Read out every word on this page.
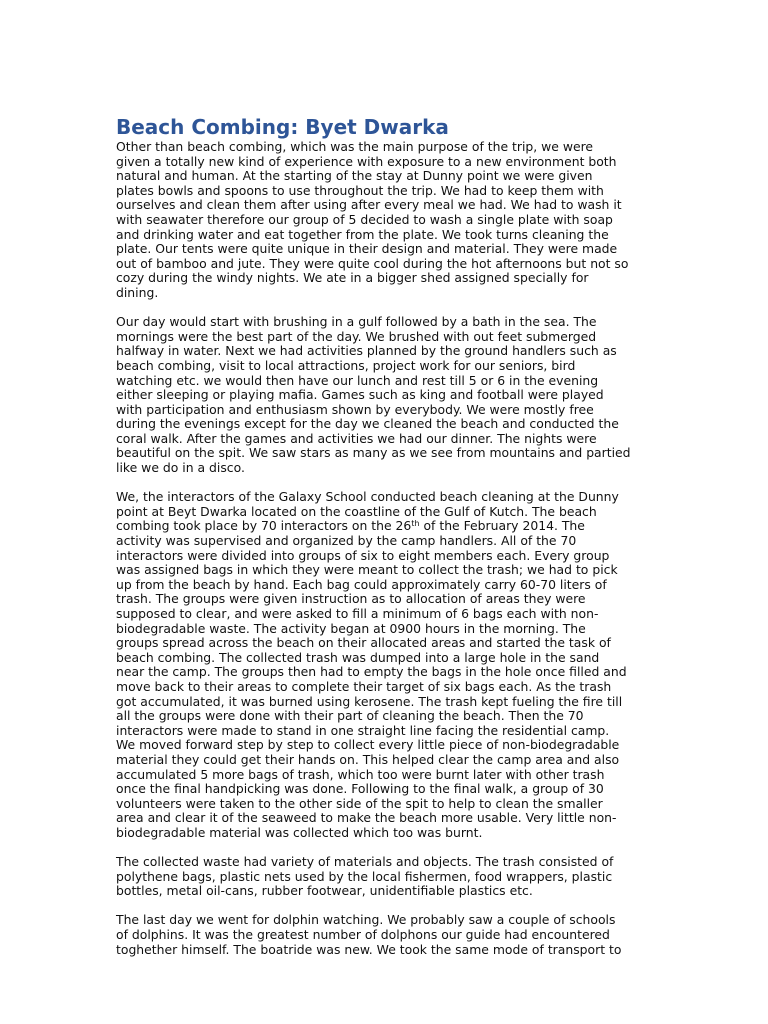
Beach Combing: Byet Dwarka

Other than beach combing, which was the main purpose of the trip, we were
given a totally new kind of experience with exposure to a new environment both
natural and human. At the starting of the stay at Dunny point we were given
plates bowls and spoons to use throughout the trip. We had to keep them with
ourselves and clean them after using after every meal we had. We had to wash it
with seawater therefore our group of 5 decided to wash a single plate with soap
and drinking water and eat together from the plate. We took turns cleaning the
plate. Our tents were quite unique in their design and material. They were made
out of bamboo and jute. They were quite cool during the hot afternoons but not so
cozy during the windy nights. We ate in a bigger shed assigned specially for
dining.

Our day would start with brushing in a gulf followed by a bath in the sea. The
mornings were the best part of the day. We brushed with out feet submerged
halfway in water. Next we had activities planned by the ground handlers such as
beach combing, visit to local attractions, project work for our seniors, bird
watching etc. we would then have our lunch and rest till 5 or 6 in the evening
either sleeping or playing mafia. Games such as king and football were played
with participation and enthusiasm shown by everybody. We were mostly free
during the evenings except for the day we cleaned the beach and conducted the
coral walk. After the games and activities we had our dinner. The nights were
beautiful on the spit. We saw stars as many as we see from mountains and partied
like we do in a disco.

We, the interactors of the Galaxy School conducted beach cleaning at the Dunny
point at Beyt Dwarka located on the coastline of the Gulf of Kutch. The beach
combing took place by 70 interactors on the 26th of the February 2014. The
activity was supervised and organized by the camp handlers. All of the 70
interactors were divided into groups of six to eight members each. Every group
was assigned bags in which they were meant to collect the trash; we had to pick
up from the beach by hand. Each bag could approximately carry 60-70 liters of
trash. The groups were given instruction as to allocation of areas they were
supposed to clear, and were asked to fill a minimum of 6 bags each with non-
biodegradable waste. The activity began at 0900 hours in the morning. The
groups spread across the beach on their allocated areas and started the task of
beach combing. The collected trash was dumped into a large hole in the sand
near the camp. The groups then had to empty the bags in the hole once filled and
move back to their areas to complete their target of six bags each. As the trash
got accumulated, it was burned using kerosene. The trash kept fueling the fire till
all the groups were done with their part of cleaning the beach. Then the 70
interactors were made to stand in one straight line facing the residential camp.
We moved forward step by step to collect every little piece of non-biodegradable
material they could get their hands on. This helped clear the camp area and also
accumulated 5 more bags of trash, which too were burnt later with other trash
once the final handpicking was done. Following to the final walk, a group of 30
volunteers were taken to the other side of the spit to help to clean the smaller
area and clear it of the seaweed to make the beach more usable. Very little non-
biodegradable material was collected which too was burnt.

The collected waste had variety of materials and objects. The trash consisted of
polythene bags, plastic nets used by the local fishermen, food wrappers, plastic
bottles, metal oil-cans, rubber footwear, unidentifiable plastics etc.

The last day we went for dolphin watching. We probably saw a couple of schools
of dolphins. It was the greatest number of dolphons our guide had encountered
toghether himself. The boatride was new. We took the same mode of transport to
